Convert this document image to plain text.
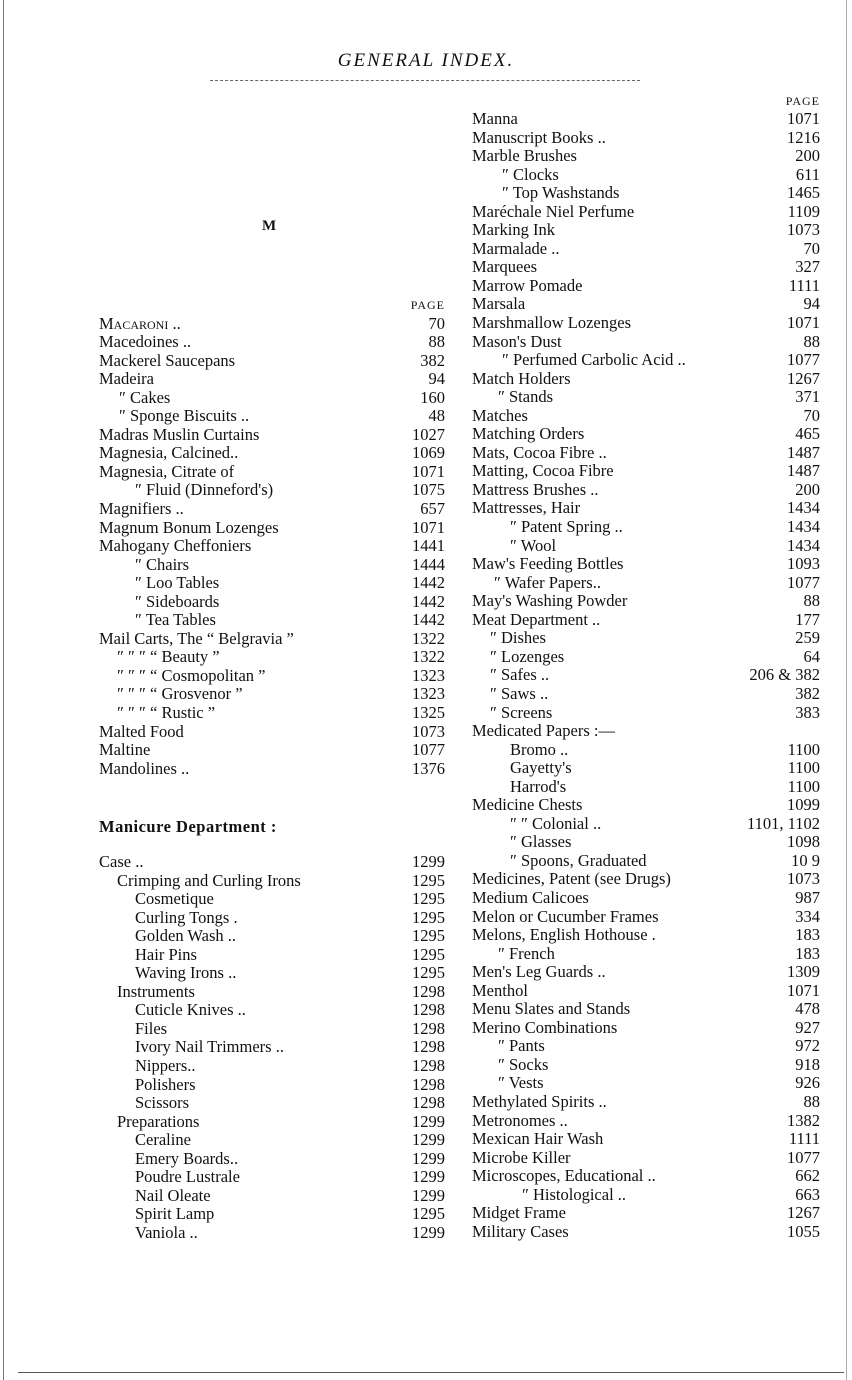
GENERAL INDEX.
M
PAGE
Macaroni ..	70
Macedoines ..	88
Mackerel Saucepans	382
Madeira	94
″ Cakes	160
″ Sponge Biscuits ..	48
Madras Muslin Curtains	1027
Magnesia, Calcined..	1069
Magnesia, Citrate of	1071
″ Fluid (Dinneford's)	1075
Magnifiers ..	657
Magnum Bonum Lozenges	1071
Mahogany Cheffoniers	1441
″ Chairs	1444
″ Loo Tables	1442
″ Sideboards	1442
″ Tea Tables	1442
Mail Carts, The “ Belgravia ”	1322
″ ″ ″ “ Beauty ”	1322
″ ″ ″ “ Cosmopolitan ”	1323
″ ″ ″ “ Grosvenor ”	1323
″ ″ ″ “ Rustic ”	1325
Malted Food	1073
Maltine	1077
Mandolines ..	1376
Manicure Department :
Case ..	1299
Crimping and Curling Irons	1295
Cosmetique	1295
Curling Tongs .	1295
Golden Wash ..	1295
Hair Pins	1295
Waving Irons ..	1295
Instruments	1298
Cuticle Knives ..	1298
Files	1298
Ivory Nail Trimmers ..	1298
Nippers..	1298
Polishers	1298
Scissors	1298
Preparations	1299
Ceraline	1299
Emery Boards..	1299
Poudre Lustrale	1299
Nail Oleate	1299
Spirit Lamp	1295
Vaniola ..	1299
PAGE
Manna	1071
Manuscript Books ..	1216
Marble Brushes	200
″ Clocks	611
″ Top Washstands	1465
Maréchale Niel Perfume	1109
Marking Ink	1073
Marmalade ..	70
Marquees	327
Marrow Pomade	1111
Marsala	94
Marshmallow Lozenges	1071
Mason's Dust	88
″ Perfumed Carbolic Acid ..	1077
Match Holders	1267
″ Stands	371
Matches	70
Matching Orders	465
Mats, Cocoa Fibre ..	1487
Matting, Cocoa Fibre	1487
Mattress Brushes ..	200
Mattresses, Hair	1434
″ Patent Spring ..	1434
″ Wool	1434
Maw's Feeding Bottles	1093
″ Wafer Papers..	1077
May's Washing Powder	88
Meat Department ..	177
″ Dishes	259
″ Lozenges	64
″ Safes ..	206 & 382
″ Saws ..	382
″ Screens	383
Medicated Papers :—
Bromo ..	1100
Gayetty's	1100
Harrod's	1100
Medicine Chests	1099
″ ″ Colonial ..	1101, 1102
″ Glasses	1098
″ Spoons, Graduated	10 9
Medicines, Patent (see Drugs)	1073
Medium Calicoes	987
Melon or Cucumber Frames	334
Melons, English Hothouse .	183
″ French	183
Men's Leg Guards ..	1309
Menthol	1071
Menu Slates and Stands	478
Merino Combinations	927
″ Pants	972
″ Socks	918
″ Vests	926
Methylated Spirits ..	88
Metronomes ..	1382
Mexican Hair Wash	1111
Microbe Killer	1077
Microscopes, Educational ..	662
″ Histological ..	663
Midget Frame	1267
Military Cases	1055
